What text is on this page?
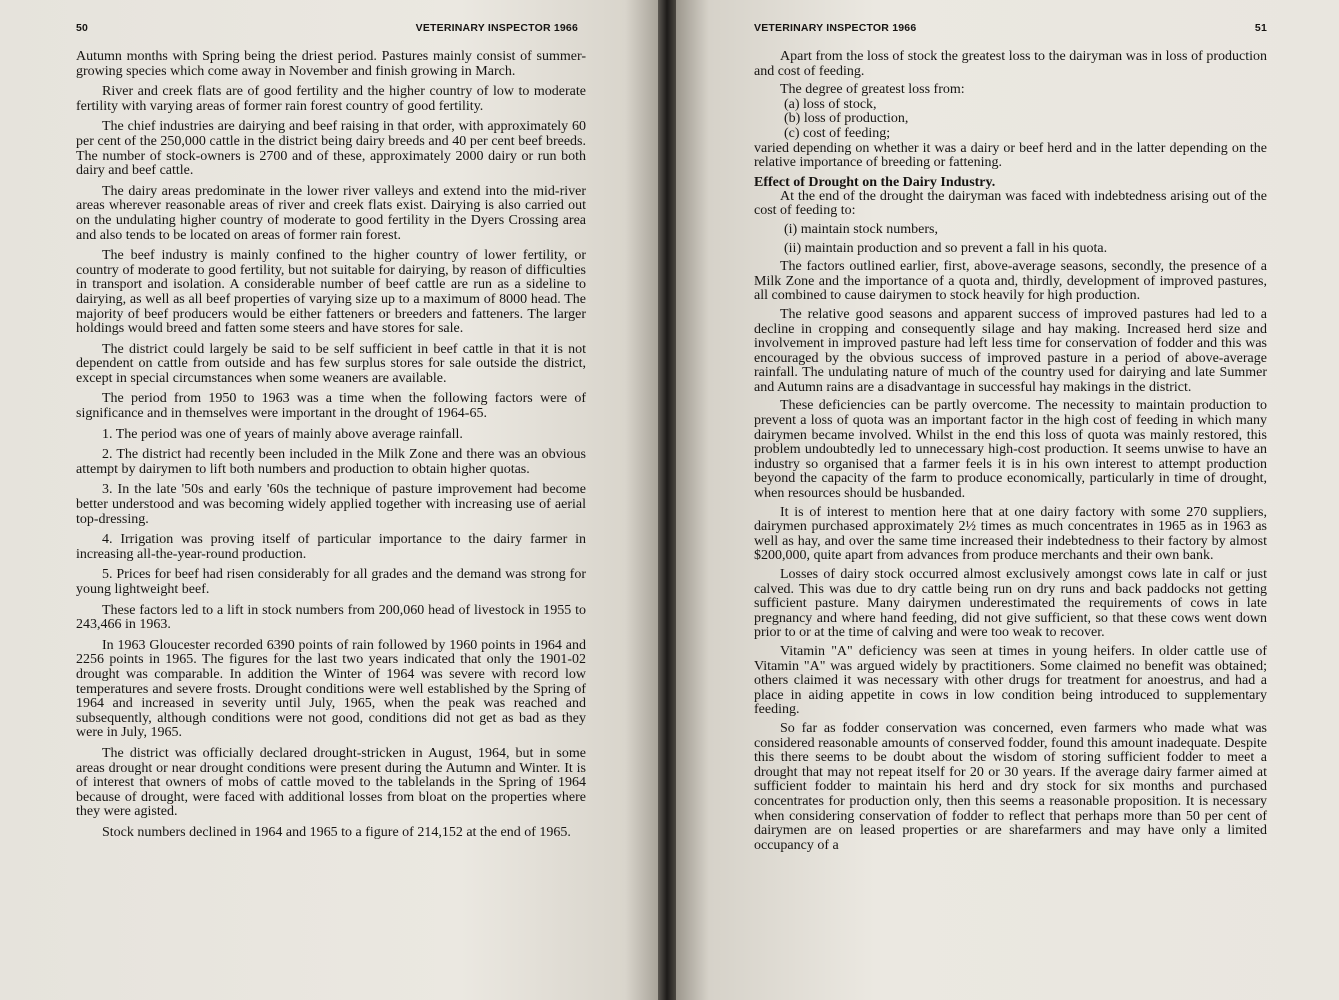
50	VETERINARY INSPECTOR 1966

Autumn months with Spring being the driest period. Pastures mainly consist of summer-growing species which come away in November and finish growing in March.

River and creek flats are of good fertility and the higher country of low to moderate fertility with varying areas of former rain forest country of good fertility.

The chief industries are dairying and beef raising in that order, with approximately 60 per cent of the 250,000 cattle in the district being dairy breeds and 40 per cent beef breeds. The number of stock-owners is 2700 and of these, approximately 2000 dairy or run both dairy and beef cattle.

The dairy areas predominate in the lower river valleys and extend into the mid-river areas wherever reasonable areas of river and creek flats exist. Dairying is also carried out on the undulating higher country of moderate to good fertility in the Dyers Crossing area and also tends to be located on areas of former rain forest.

The beef industry is mainly confined to the higher country of lower fertility, or country of moderate to good fertility, but not suitable for dairying, by reason of difficulties in transport and isolation. A considerable number of beef cattle are run as a sideline to dairying, as well as all beef properties of varying size up to a maximum of 8000 head. The majority of beef producers would be either fatteners or breeders and fatteners. The larger holdings would breed and fatten some steers and have stores for sale.

The district could largely be said to be self sufficient in beef cattle in that it is not dependent on cattle from outside and has few surplus stores for sale outside the district, except in special circumstances when some weaners are available.

The period from 1950 to 1963 was a time when the following factors were of significance and in themselves were important in the drought of 1964-65.

1. The period was one of years of mainly above average rainfall.

2. The district had recently been included in the Milk Zone and there was an obvious attempt by dairymen to lift both numbers and production to obtain higher quotas.

3. In the late '50s and early '60s the technique of pasture improvement had become better understood and was becoming widely applied together with increasing use of aerial top-dressing.

4. Irrigation was proving itself of particular importance to the dairy farmer in increasing all-the-year-round production.

5. Prices for beef had risen considerably for all grades and the demand was strong for young lightweight beef.

These factors led to a lift in stock numbers from 200,060 head of livestock in 1955 to 243,466 in 1963.

In 1963 Gloucester recorded 6390 points of rain followed by 1960 points in 1964 and 2256 points in 1965. The figures for the last two years indicated that only the 1901-02 drought was comparable. In addition the Winter of 1964 was severe with record low temperatures and severe frosts. Drought conditions were well established by the Spring of 1964 and increased in severity until July, 1965, when the peak was reached and subsequently, although conditions were not good, conditions did not get as bad as they were in July, 1965.

The district was officially declared drought-stricken in August, 1964, but in some areas drought or near drought conditions were present during the Autumn and Winter. It is of interest that owners of mobs of cattle moved to the tablelands in the Spring of 1964 because of drought, were faced with additional losses from bloat on the properties where they were agisted.

Stock numbers declined in 1964 and 1965 to a figure of 214,152 at the end of 1965.

VETERINARY INSPECTOR 1966	51

Apart from the loss of stock the greatest loss to the dairyman was in loss of production and cost of feeding.

The degree of greatest loss from:

(a) loss of stock,

(b) loss of production,

(c) cost of feeding;

varied depending on whether it was a dairy or beef herd and in the latter depending on the relative importance of breeding or fattening.

Effect of Drought on the Dairy Industry.

At the end of the drought the dairyman was faced with indebtedness arising out of the cost of feeding to:

(i) maintain stock numbers,

(ii) maintain production and so prevent a fall in his quota.

The factors outlined earlier, first, above-average seasons, secondly, the presence of a Milk Zone and the importance of a quota and, thirdly, development of improved pastures, all combined to cause dairymen to stock heavily for high production.

The relative good seasons and apparent success of improved pastures had led to a decline in cropping and consequently silage and hay making. Increased herd size and involvement in improved pasture had left less time for conservation of fodder and this was encouraged by the obvious success of improved pasture in a period of above-average rainfall. The undulating nature of much of the country used for dairying and late Summer and Autumn rains are a disadvantage in successful hay makings in the district.

These deficiencies can be partly overcome. The necessity to maintain production to prevent a loss of quota was an important factor in the high cost of feeding in which many dairymen became involved. Whilst in the end this loss of quota was mainly restored, this problem undoubtedly led to unnecessary high-cost production. It seems unwise to have an industry so organised that a farmer feels it is in his own interest to attempt production beyond the capacity of the farm to produce economically, particularly in time of drought, when resources should be husbanded.

It is of interest to mention here that at one dairy factory with some 270 suppliers, dairymen purchased approximately 2½ times as much concentrates in 1965 as in 1963 as well as hay, and over the same time increased their indebtedness to their factory by almost $200,000, quite apart from advances from produce merchants and their own bank.

Losses of dairy stock occurred almost exclusively amongst cows late in calf or just calved. This was due to dry cattle being run on dry runs and back paddocks not getting sufficient pasture. Many dairymen underestimated the requirements of cows in late pregnancy and where hand feeding, did not give sufficient, so that these cows went down prior to or at the time of calving and were too weak to recover.

Vitamin "A" deficiency was seen at times in young heifers. In older cattle use of Vitamin "A" was argued widely by practitioners. Some claimed no benefit was obtained; others claimed it was necessary with other drugs for treatment for anoestrus, and had a place in aiding appetite in cows in low condition being introduced to supplementary feeding.

So far as fodder conservation was concerned, even farmers who made what was considered reasonable amounts of conserved fodder, found this amount inadequate. Despite this there seems to be doubt about the wisdom of storing sufficient fodder to meet a drought that may not repeat itself for 20 or 30 years. If the average dairy farmer aimed at sufficient fodder to maintain his herd and dry stock for six months and purchased concentrates for production only, then this seems a reasonable proposition. It is necessary when considering conservation of fodder to reflect that perhaps more than 50 per cent of dairymen are on leased properties or are sharefarmers and may have only a limited occupancy of a
